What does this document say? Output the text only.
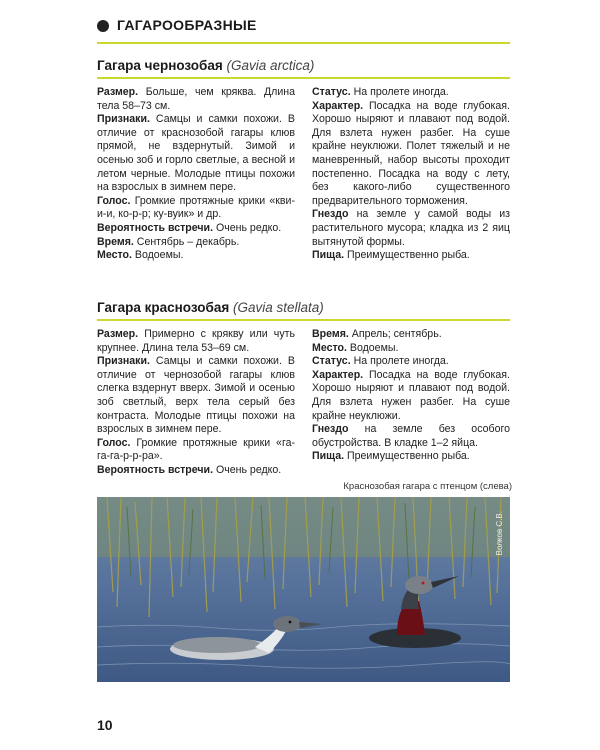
ГАГАРООБРАЗНЫЕ
Гагара чернозобая (Gavia arctica)

Размер. Больше, чем кряква. Длина тела 58–73 см.

Признаки. Самцы и самки похожи. В отличие от краснозобой гагары клюв прямой, не вздернутый. Зимой и осенью зоб и горло светлые, а весной и летом черные. Молодые птицы похожи на взрослых в зимнем пере.

Голос. Громкие протяжные крики «кви-и-и, ко-р-р; ку-вуик» и др.

Вероятность встречи. Очень редко.

Время. Сентябрь – декабрь.

Место. Водоемы.

Статус. На пролете иногда.

Характер. Посадка на воде глубокая. Хорошо ныряют и плавают под водой. Для взлета нужен разбег. На суше крайне неуклюжи. Полет тяжелый и не маневренный, набор высоты проходит постепенно. Посадка на воду с лету, без какого-либо существенного предварительного торможения.

Гнездо на земле у самой воды из растительного мусора; кладка из 2 яиц вытянутой формы.

Пища. Преимущественно рыба.

Гагара краснозобая (Gavia stellata)

Размер. Примерно с крякву или чуть крупнее. Длина тела 53–69 см.

Признаки. Самцы и самки похожи. В отличие от чернозобой гагары клюв слегка вздернут вверх. Зимой и осенью зоб светлый, верх тела серый без контраста. Молодые птицы похожи на взрослых в зимнем пере.

Голос. Громкие протяжные крики «га-га-га-р-р-ра».

Вероятность встречи. Очень редко.

Время. Апрель; сентябрь.

Место. Водоемы.

Статус. На пролете иногда.

Характер. Посадка на воде глубокая. Хорошо ныряют и плавают под водой. Для взлета нужен разбег. На суше крайне неуклюжи.

Гнездо на земле без особого обустройства. В кладке 1–2 яйца.

Пища. Преимущественно рыба.

Краснозобая гагара с птенцом (слева)
Волков С.В.
10
